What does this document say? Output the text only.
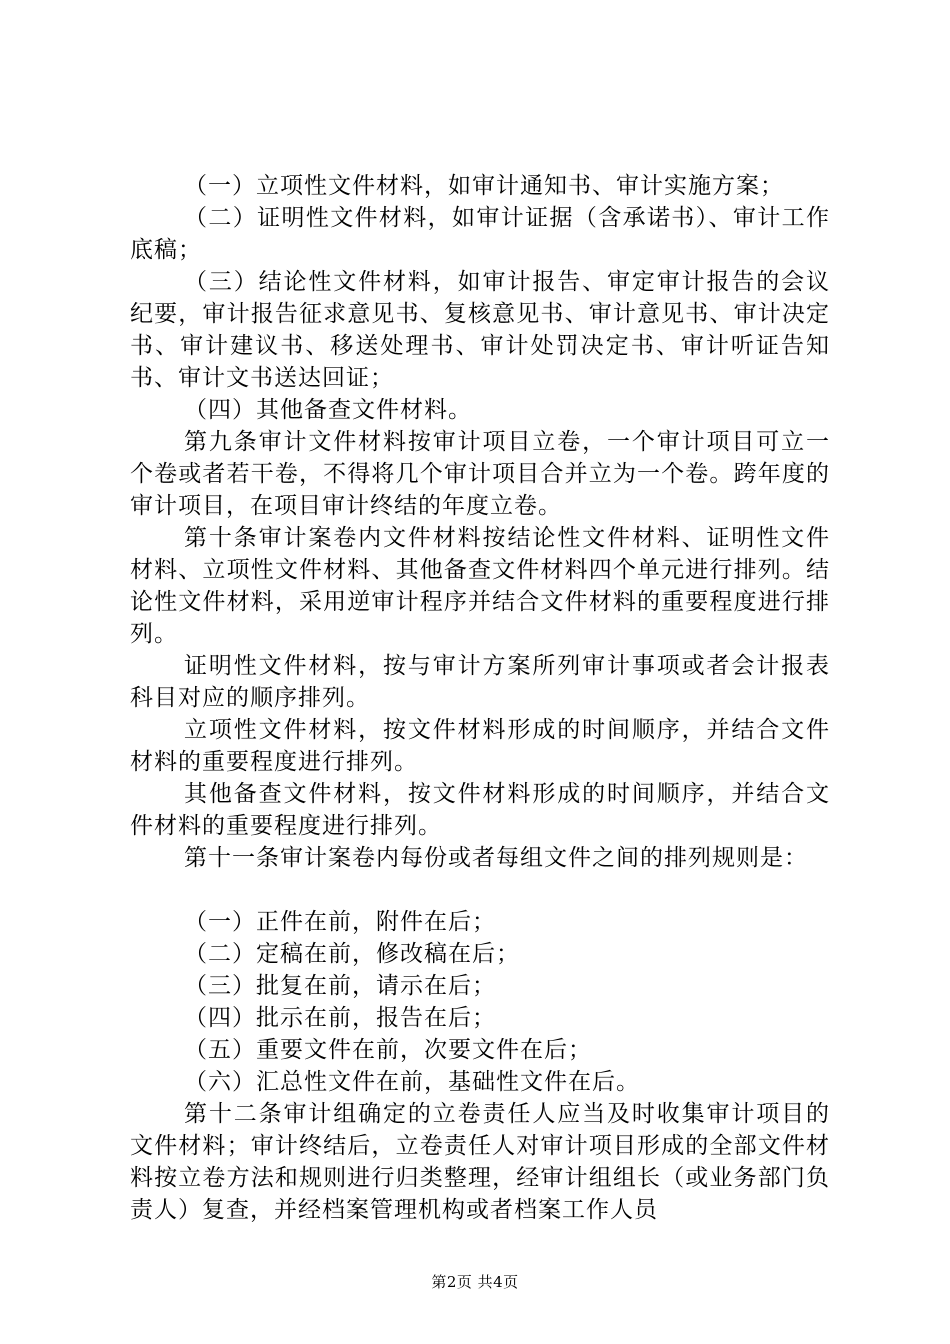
（一）立项性文件材料，如审计通知书、审计实施方案；

（二）证明性文件材料，如审计证据（含承诺书）、审计工作底稿；

（三）结论性文件材料，如审计报告、审定审计报告的会议纪要，审计报告征求意见书、复核意见书、审计意见书、审计决定书、审计建议书、移送处理书、审计处罚决定书、审计听证告知书、审计文书送达回证；

（四）其他备查文件材料。

第九条审计文件材料按审计项目立卷，一个审计项目可立一个卷或者若干卷，不得将几个审计项目合并立为一个卷。跨年度的审计项目，在项目审计终结的年度立卷。

第十条审计案卷内文件材料按结论性文件材料、证明性文件材料、立项性文件材料、其他备查文件材料四个单元进行排列。结论性文件材料，采用逆审计程序并结合文件材料的重要程度进行排列。

证明性文件材料，按与审计方案所列审计事项或者会计报表科目对应的顺序排列。

立项性文件材料，按文件材料形成的时间顺序，并结合文件材料的重要程度进行排列。

其他备查文件材料，按文件材料形成的时间顺序，并结合文件材料的重要程度进行排列。

第十一条审计案卷内每份或者每组文件之间的排列规则是：

（一）正件在前，附件在后；

（二）定稿在前，修改稿在后；

（三）批复在前，请示在后；

（四）批示在前，报告在后；

（五）重要文件在前，次要文件在后；

（六）汇总性文件在前，基础性文件在后。

第十二条审计组确定的立卷责任人应当及时收集审计项目的文件材料；审计终结后，立卷责任人对审计项目形成的全部文件材料按立卷方法和规则进行归类整理，经审计组组长（或业务部门负责人）复查，并经档案管理机构或者档案工作人员

第2页 共4页
